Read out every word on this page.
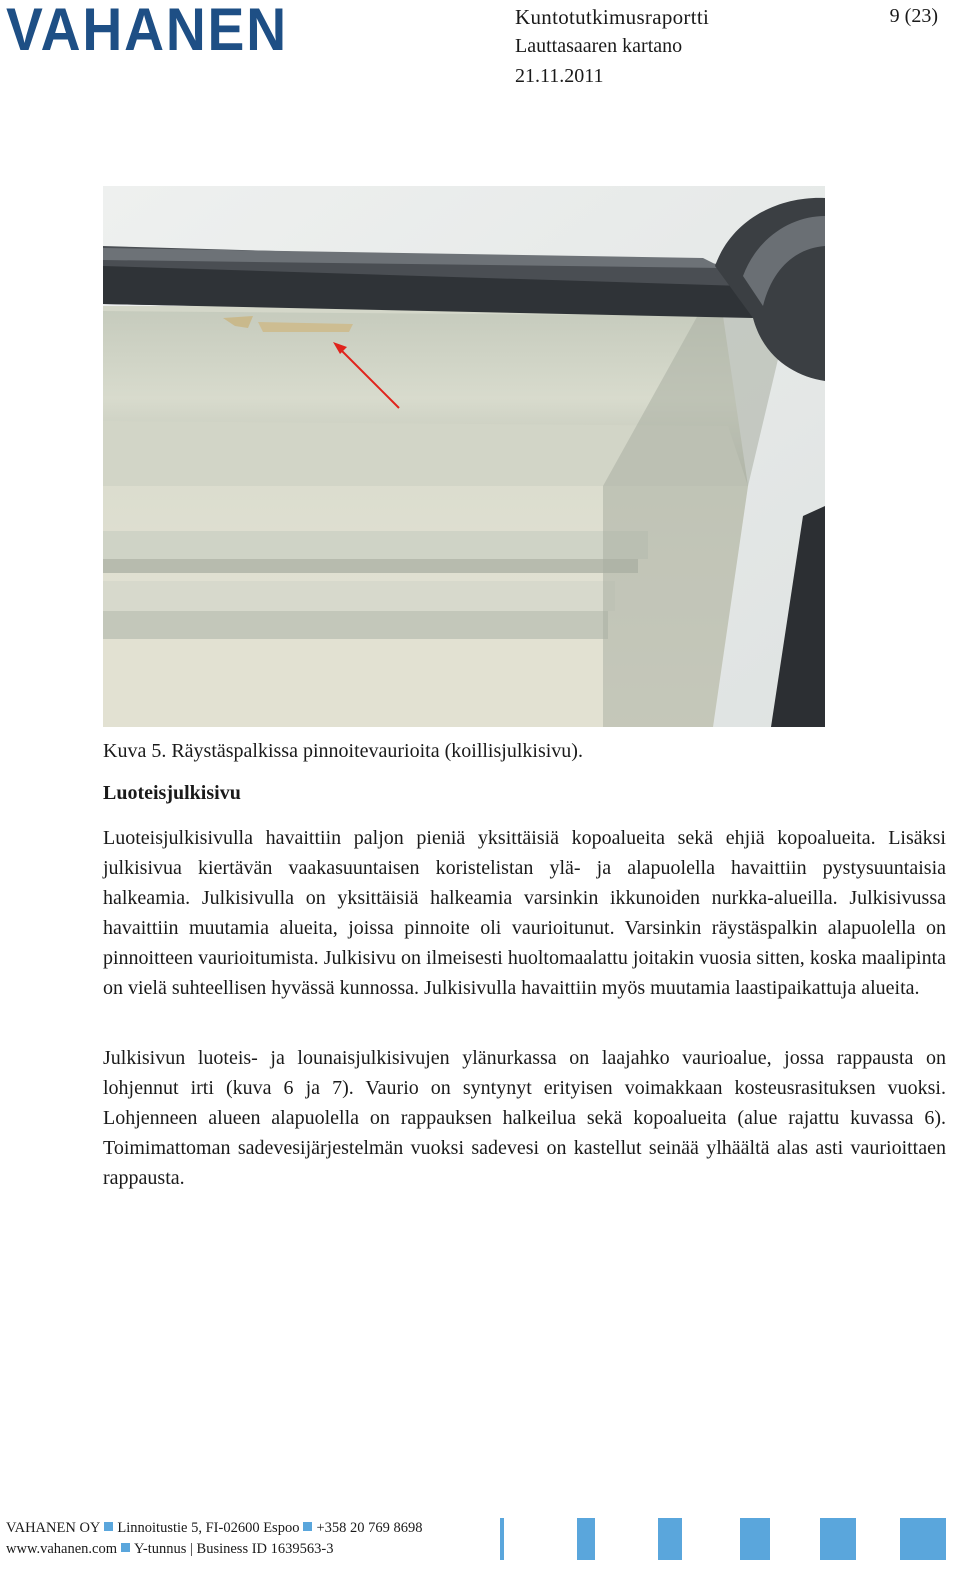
VAHANEN	Kuntotutkimusraportti	9 (23)
Lauttasaaren kartano
21.11.2011
Kuva 5. Räystäspalkissa pinnoitevaurioita (koillisjulkisivu).
Luoteisjulkisivu

Luoteisjulkisivulla havaittiin paljon pieniä yksittäisiä kopoalueita sekä ehjiä kopoalueita. Lisäksi julkisivua kiertävän vaakasuuntaisen koristelistan ylä- ja alapuolella havaittiin pystysuuntaisia halkeamia. Julkisivulla on yksittäisiä halkeamia varsinkin ikkunoiden nurkka-alueilla. Julkisivussa havaittiin muutamia alueita, joissa pinnoite oli vaurioitunut. Varsinkin räystäspalkin alapuolella on pinnoitteen vaurioitumista. Julkisivu on ilmeisesti huoltomaalattu joitakin vuosia sitten, koska maalipinta on vielä suhteellisen hyvässä kunnossa. Julkisivulla havaittiin myös muutamia laastipaikattuja alueita.

Julkisivun luoteis- ja lounaisjulkisivujen ylänurkassa on laajahko vaurioalue, jossa rappausta on lohjennut irti (kuva 6 ja 7). Vaurio on syntynyt erityisen voimakkaan kosteusrasituksen vuoksi. Lohjenneen alueen alapuolella on rappauksen halkeilua sekä kopoalueita (alue rajattu kuvassa 6). Toimimattoman sadevesijärjestelmän vuoksi sadevesi on kastellut seinää ylhäältä alas asti vaurioittaen rappausta.

VAHANEN OY Linnoitustie 5, FI-02600 Espoo +358 20 769 8698
www.vahanen.com Y-tunnus | Business ID 1639563-3
